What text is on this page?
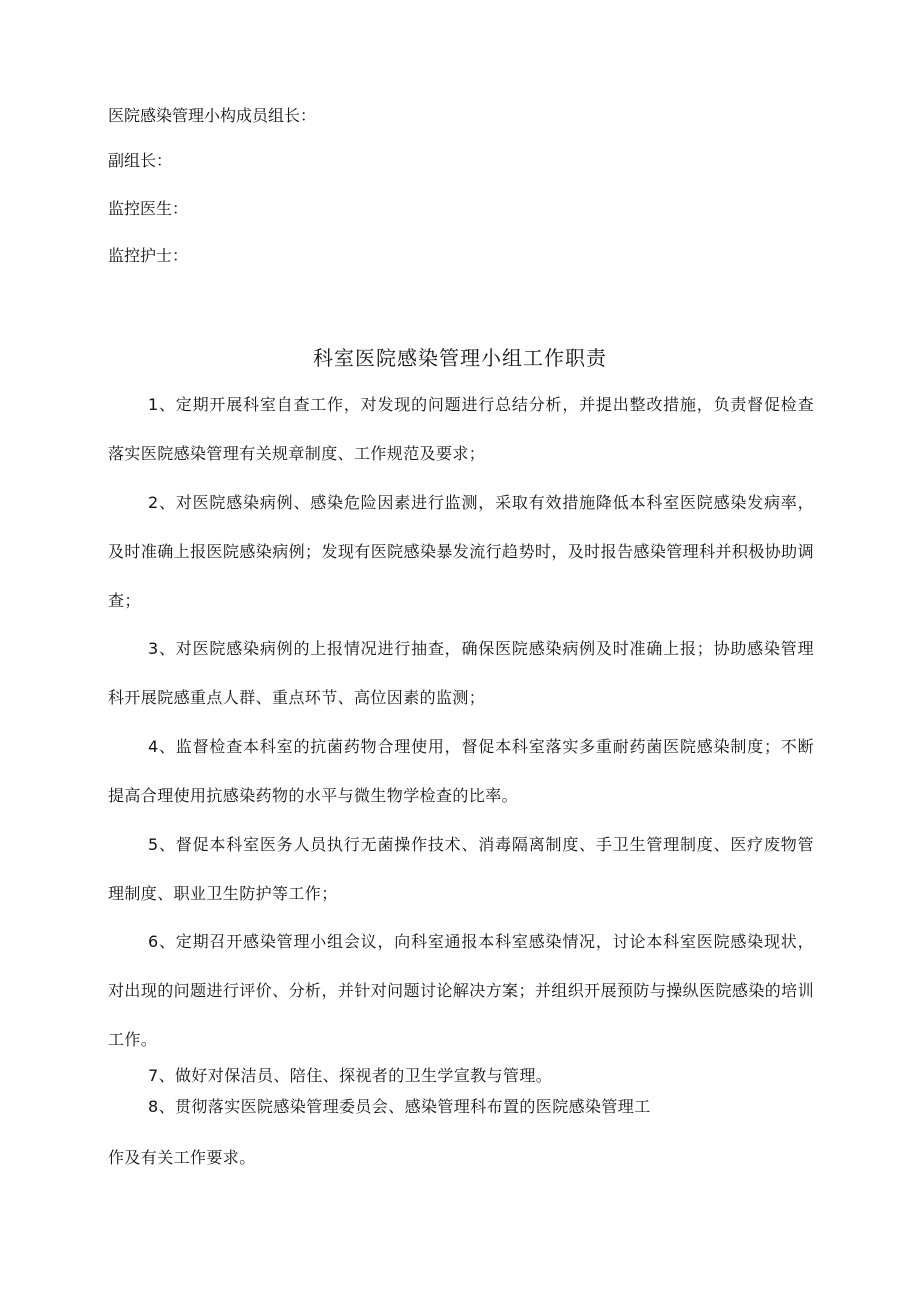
医院感染管理小构成员组长：
副组长：
监控医生：
监控护士：
科室医院感染管理小组工作职责

1、定期开展科室自查工作，对发现的问题进行总结分析，并提出整改措施，负责督促检查落实医院感染管理有关规章制度、工作规范及要求；

2、对医院感染病例、感染危险因素进行监测，采取有效措施降低本科室医院感染发病率，及时准确上报医院感染病例；发现有医院感染暴发流行趋势时，及时报告感染管理科并积极协助调查；

3、对医院感染病例的上报情况进行抽查，确保医院感染病例及时准确上报；协助感染管理科开展院感重点人群、重点环节、高位因素的监测；

4、监督检查本科室的抗菌药物合理使用，督促本科室落实多重耐药菌医院感染制度；不断提高合理使用抗感染药物的水平与微生物学检查的比率。

5、督促本科室医务人员执行无菌操作技术、消毒隔离制度、手卫生管理制度、医疗废物管理制度、职业卫生防护等工作；

6、定期召开感染管理小组会议，向科室通报本科室感染情况，讨论本科室医院感染现状，对出现的问题进行评价、分析，并针对问题讨论解决方案；并组织开展预防与操纵医院感染的培训工作。

7、做好对保洁员、陪住、探视者的卫生学宣教与管理。

8、贯彻落实医院感染管理委员会、感染管理科布置的医院感染管理工

作及有关工作要求。
